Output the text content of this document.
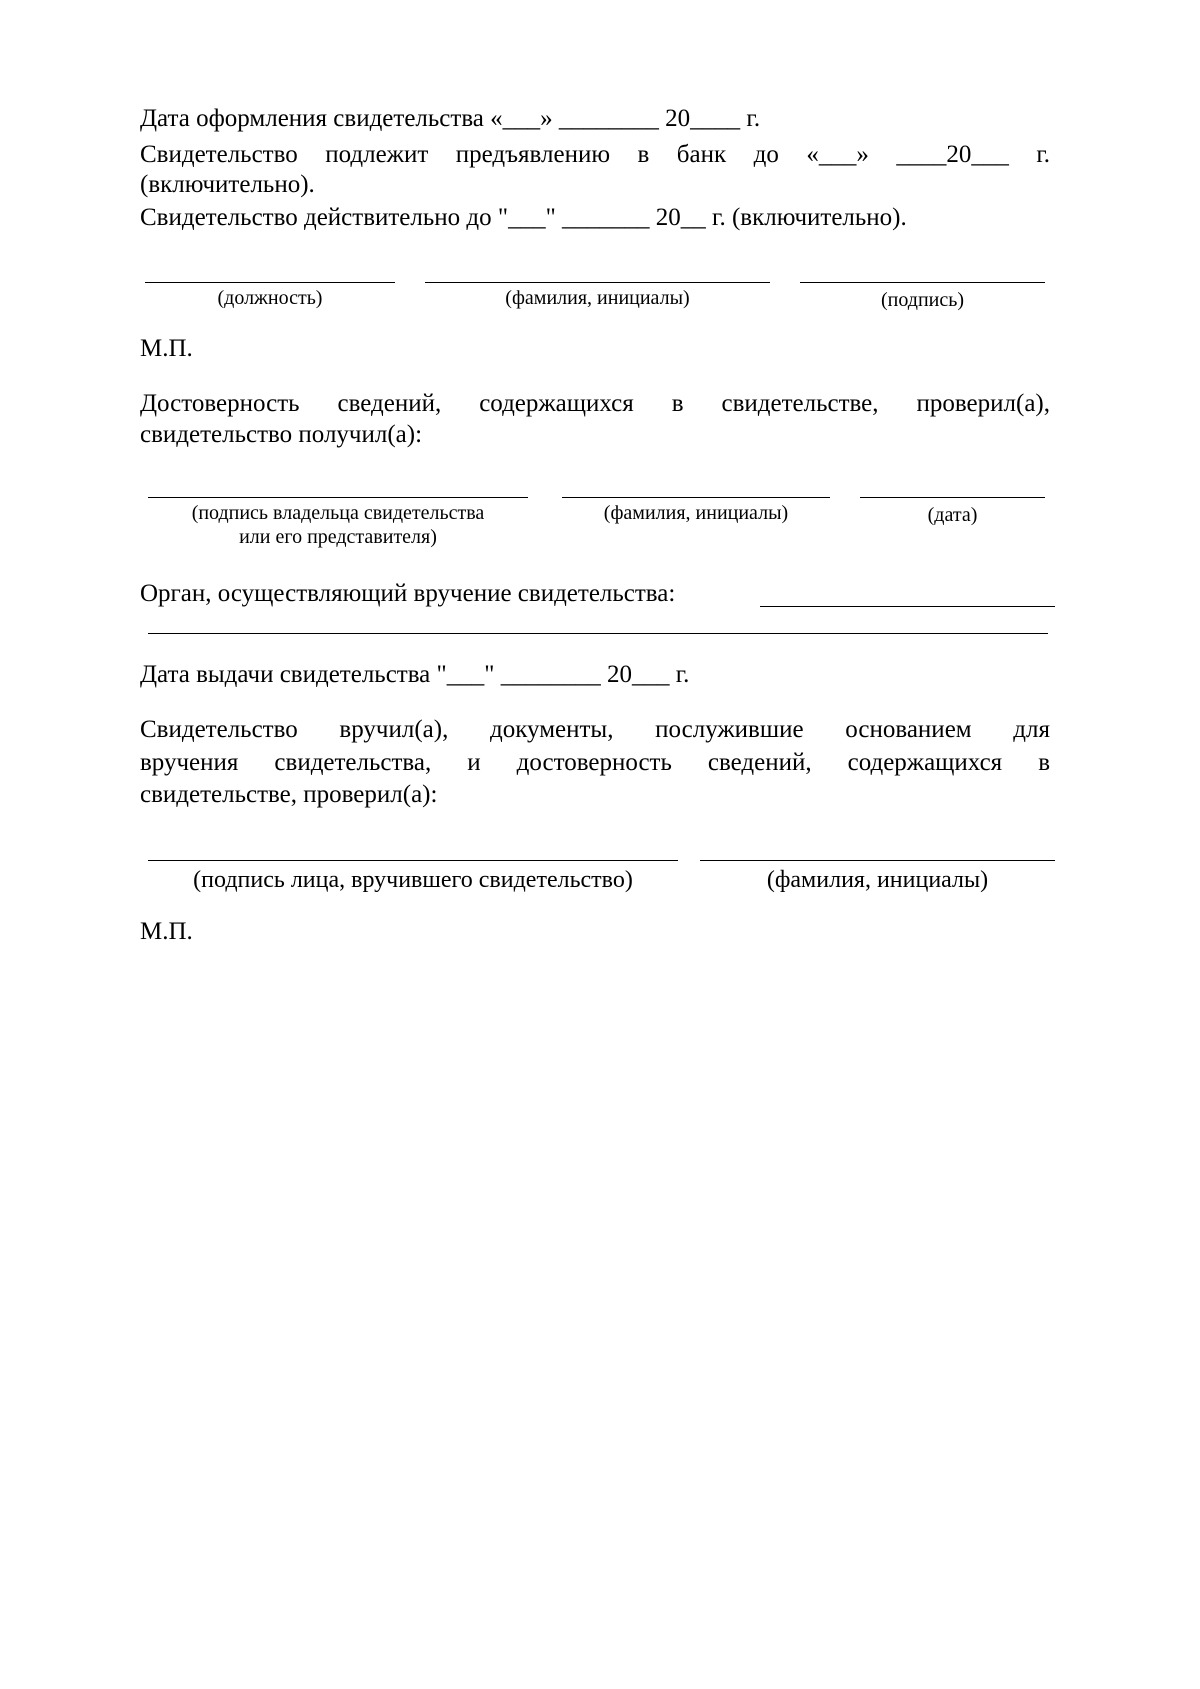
Дата оформления свидетельства «___» ________ 20____ г.
Свидетельство подлежит предъявлению в банк до «___» ____20___ г.
(включительно).
Свидетельство действительно до "___" _______ 20__ г. (включительно).
(должность)	(фамилия, инициалы)	(подпись)
М.П.
Достоверность сведений, содержащихся в свидетельстве, проверил(а),
свидетельство получил(а):
(подпись владельца свидетельства
или его представителя)
(фамилия, инициалы)	(дата)
Орган, осуществляющий вручение свидетельства:
Дата выдачи свидетельства "___" ________ 20___ г.
Свидетельство вручил(а), документы, послужившие основанием для
вручения свидетельства, и достоверность сведений, содержащихся в
свидетельстве, проверил(а):
(подпись лица, вручившего свидетельство)	(фамилия, инициалы)
М.П.
